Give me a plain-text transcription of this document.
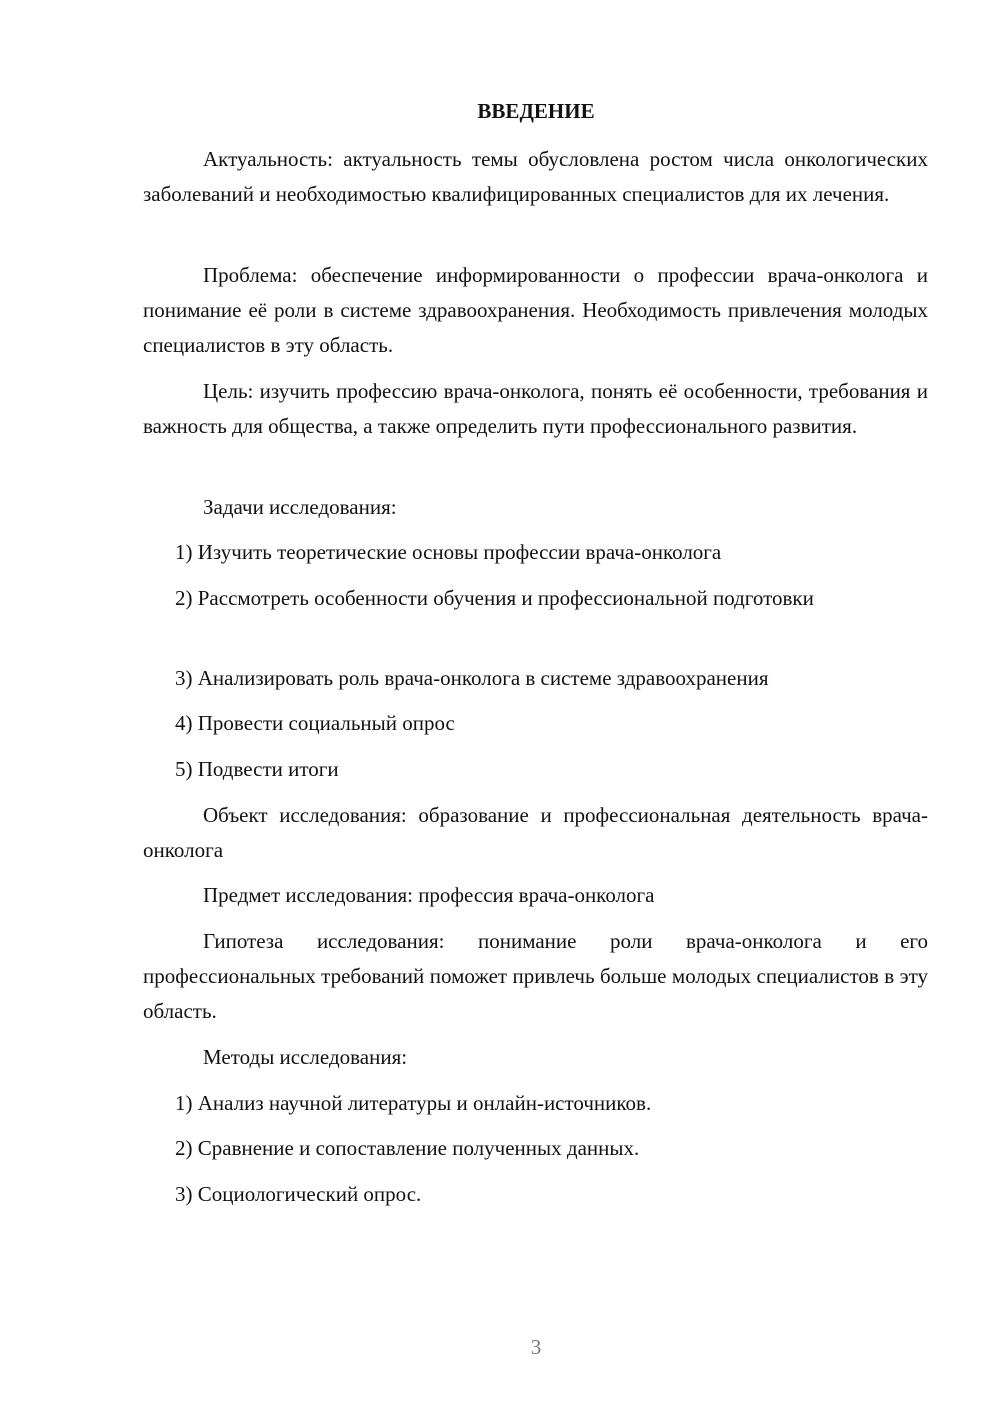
ВВЕДЕНИЕ

Актуальность: актуальность темы обусловлена ростом числа онкологических заболеваний и необходимостью квалифицированных специалистов для их лечения.

Проблема: обеспечение информированности о профессии врача-онколога и понимание её роли в системе здравоохранения. Необходимость привлечения молодых специалистов в эту область.

Цель: изучить профессию врача-онколога, понять её особенности, требования и важность для общества, а также определить пути профессионального развития.

Задачи исследования:

1) Изучить теоретические основы профессии врача-онколога

2) Рассмотреть особенности обучения и профессиональной подготовки

3) Анализировать роль врача-онколога в системе здравоохранения

4) Провести социальный опрос

5) Подвести итоги

Объект исследования: образование и профессиональная деятельность врача-онколога

Предмет исследования: профессия врача-онколога

Гипотеза исследования: понимание роли врача-онколога и его профессиональных требований поможет привлечь больше молодых специалистов в эту область.

Методы исследования:

1) Анализ научной литературы и онлайн-источников.

2) Сравнение и сопоставление полученных данных.

3) Социологический опрос.

3
